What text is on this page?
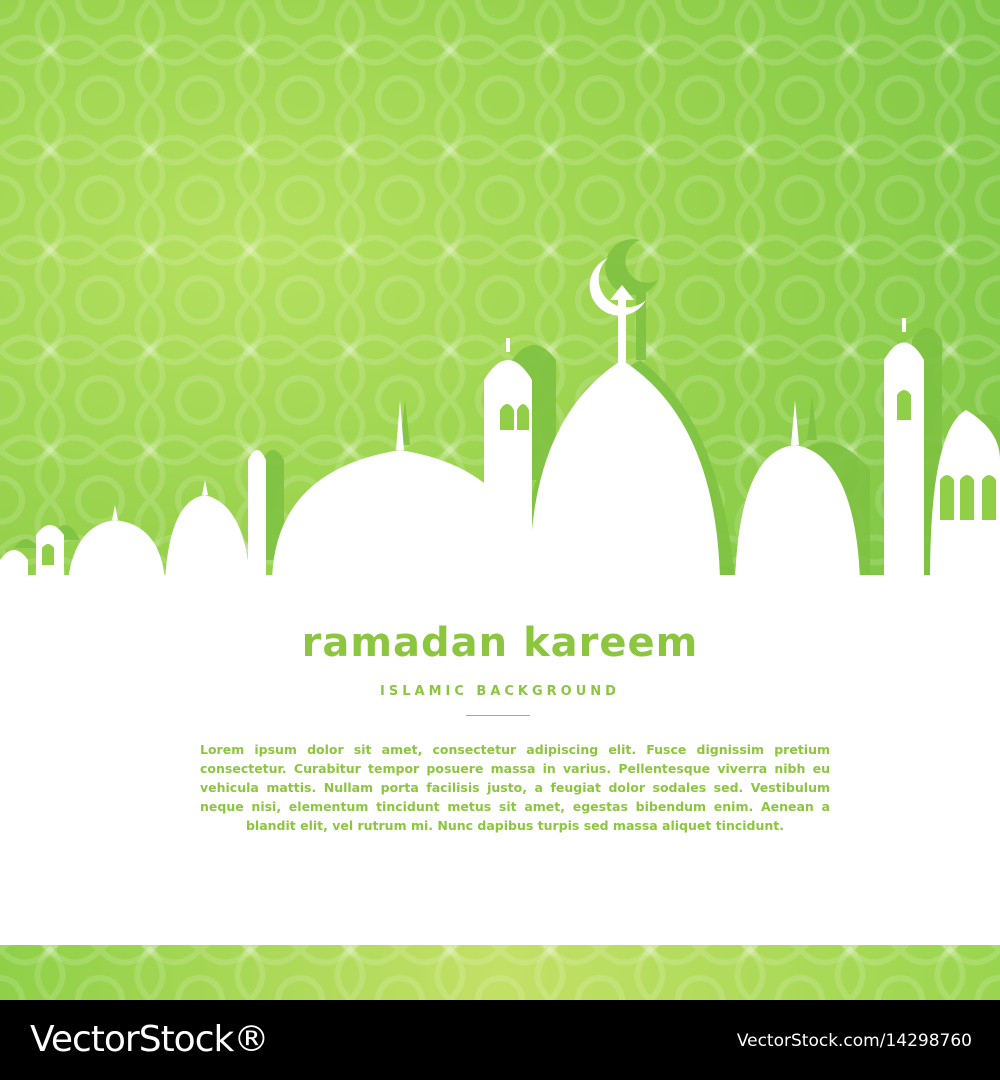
ramadan kareem
ISLAMIC BACKGROUND

Lorem ipsum dolor sit amet, consectetur adipiscing elit. Fusce dignissim pretium consectetur. Curabitur tempor posuere massa in varius. Pellentesque viverra nibh eu vehicula mattis. Nullam porta facilisis justo, a feugiat dolor sodales sed. Vestibulum neque nisi, elementum tincidunt metus sit amet, egestas bibendum enim. Aenean a blandit elit, vel rutrum mi. Nunc dapibus turpis sed massa aliquet tincidunt.

VectorStock®	VectorStock.com/14298760
